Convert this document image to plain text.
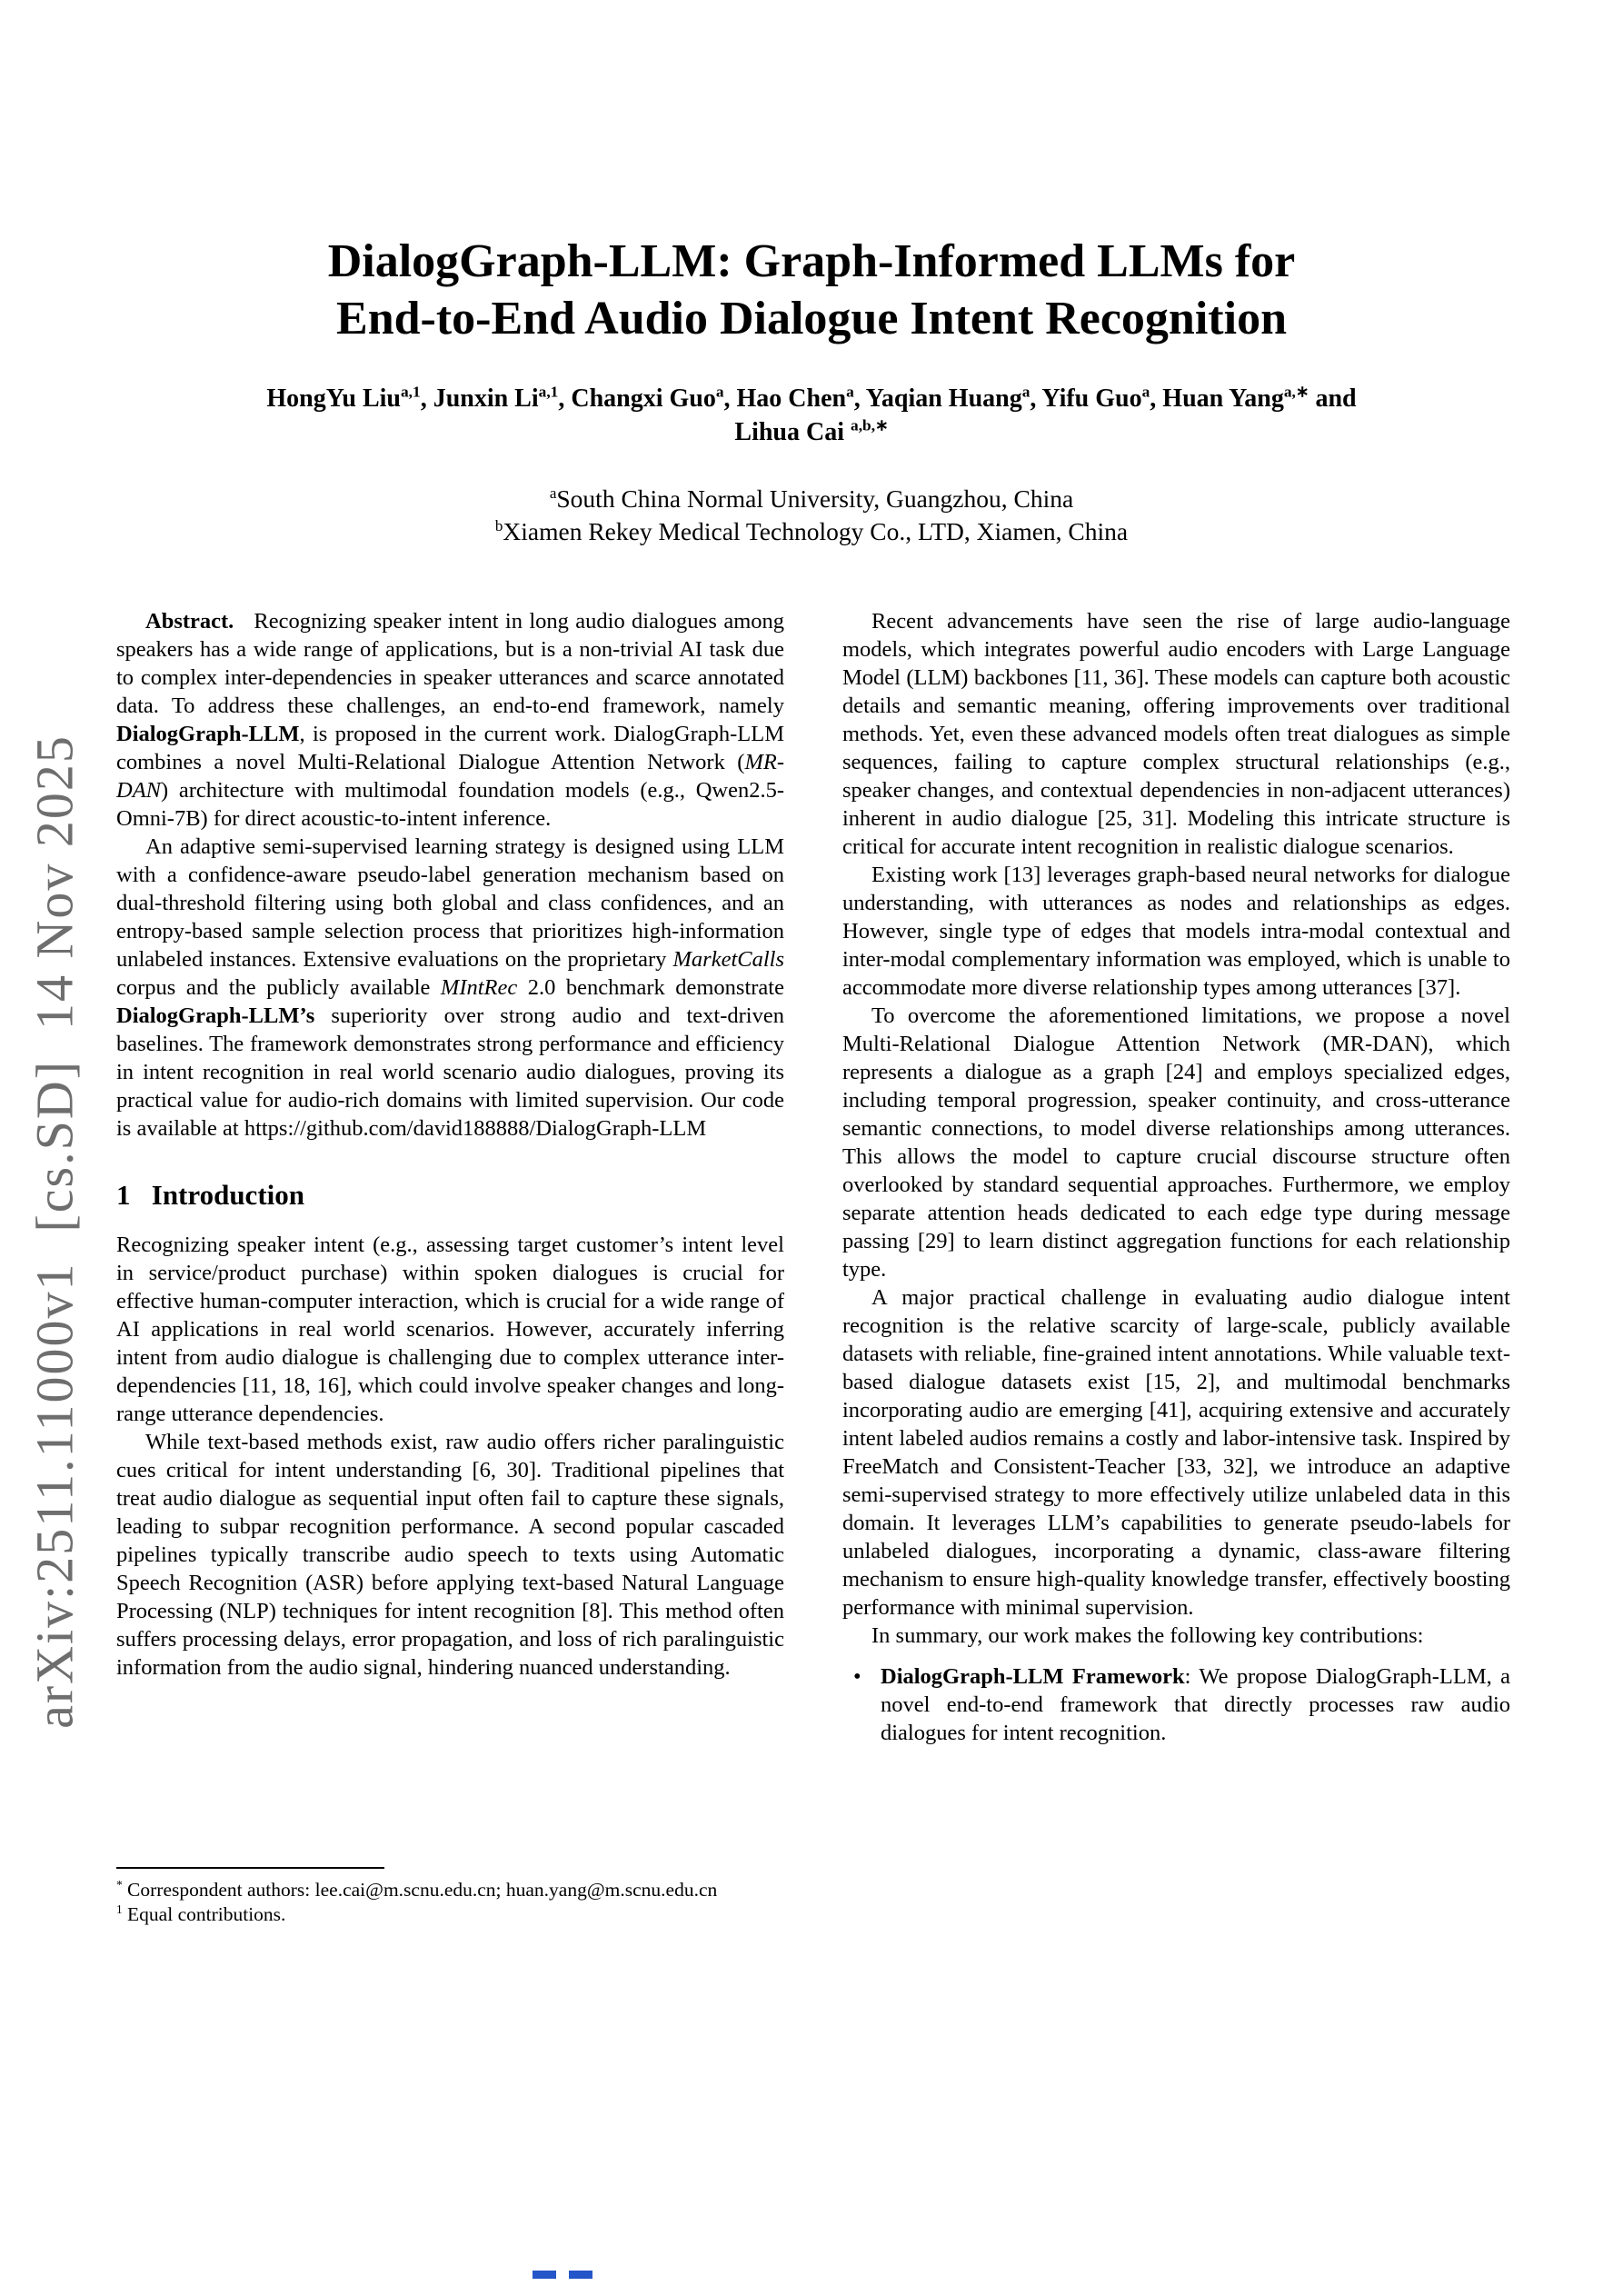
arXiv:2511.11000v1  [cs.SD]  14 Nov 2025
DialogGraph-LLM: Graph-Informed LLMs for
End-to-End Audio Dialogue Intent Recognition
HongYu Liu$^{a,1}$, Junxin Li$^{a,1}$, Changxi Guo$^a$, Hao Chen$^a$, Yaqian Huang$^a$, Yifu Guo$^a$, Huan Yang$^{a,∗}$ and
Lihua Cai $^{a,b,∗}$
$^a$South China Normal University, Guangzhou, China
$^b$Xiamen Rekey Medical Technology Co., LTD, Xiamen, China

Abstract.   Recognizing speaker intent in long audio dialogues among speakers has a wide range of applications, but is a non-trivial AI task due to complex inter-dependencies in speaker utterances and scarce annotated data. To address these challenges, an end-to-end framework, namely DialogGraph-LLM, is proposed in the current work. DialogGraph-LLM combines a novel Multi-Relational Dialogue Attention Network (MR-DAN) architecture with multimodal foundation models (e.g., Qwen2.5-Omni-7B) for direct acoustic-to-intent inference.

An adaptive semi-supervised learning strategy is designed using LLM with a confidence-aware pseudo-label generation mechanism based on dual-threshold filtering using both global and class confidences, and an entropy-based sample selection process that prioritizes high-information unlabeled instances. Extensive evaluations on the proprietary MarketCalls corpus and the publicly available MIntRec 2.0 benchmark demonstrate DialogGraph-LLM’s superiority over strong audio and text-driven baselines. The framework demonstrates strong performance and efficiency in intent recognition in real world scenario audio dialogues, proving its practical value for audio-rich domains with limited supervision. Our code is available at https://github.com/david188888/DialogGraph-LLM

1   Introduction

Recognizing speaker intent (e.g., assessing target customer’s intent level in service/product purchase) within spoken dialogues is crucial for effective human-computer interaction, which is crucial for a wide range of AI applications in real world scenarios. However, accurately inferring intent from audio dialogue is challenging due to complex utterance inter-dependencies [11, 18, 16], which could involve speaker changes and long-range utterance dependencies.

While text-based methods exist, raw audio offers richer paralinguistic cues critical for intent understanding [6, 30]. Traditional pipelines that treat audio dialogue as sequential input often fail to capture these signals, leading to subpar recognition performance. A second popular cascaded pipelines typically transcribe audio speech to texts using Automatic Speech Recognition (ASR) before applying text-based Natural Language Processing (NLP) techniques for intent recognition [8]. This method often suffers processing delays, error propagation, and loss of rich paralinguistic information from the audio signal, hindering nuanced understanding.

Recent advancements have seen the rise of large audio-language models, which integrates powerful audio encoders with Large Language Model (LLM) backbones [11, 36]. These models can capture both acoustic details and semantic meaning, offering improvements over traditional methods. Yet, even these advanced models often treat dialogues as simple sequences, failing to capture complex structural relationships (e.g., speaker changes, and contextual dependencies in non-adjacent utterances) inherent in audio dialogue [25, 31]. Modeling this intricate structure is critical for accurate intent recognition in realistic dialogue scenarios.

Existing work [13] leverages graph-based neural networks for dialogue understanding, with utterances as nodes and relationships as edges. However, single type of edges that models intra-modal contextual and inter-modal complementary information was employed, which is unable to accommodate more diverse relationship types among utterances [37].

To overcome the aforementioned limitations, we propose a novel Multi-Relational Dialogue Attention Network (MR-DAN), which represents a dialogue as a graph [24] and employs specialized edges, including temporal progression, speaker continuity, and cross-utterance semantic connections, to model diverse relationships among utterances. This allows the model to capture crucial discourse structure often overlooked by standard sequential approaches. Furthermore, we employ separate attention heads dedicated to each edge type during message passing [29] to learn distinct aggregation functions for each relationship type.

A major practical challenge in evaluating audio dialogue intent recognition is the relative scarcity of large-scale, publicly available datasets with reliable, fine-grained intent annotations. While valuable text-based dialogue datasets exist [15, 2], and multimodal benchmarks incorporating audio are emerging [41], acquiring extensive and accurately intent labeled audios remains a costly and labor-intensive task. Inspired by FreeMatch and Consistent-Teacher [33, 32], we introduce an adaptive semi-supervised strategy to more effectively utilize unlabeled data in this domain. It leverages LLM’s capabilities to generate pseudo-labels for unlabeled dialogues, incorporating a dynamic, class-aware filtering mechanism to ensure high-quality knowledge transfer, effectively boosting performance with minimal supervision.

In summary, our work makes the following key contributions:

• DialogGraph-LLM Framework: We propose DialogGraph-LLM, a novel end-to-end framework that directly processes raw audio dialogues for intent recognition.
* Correspondent authors: lee.cai@m.scnu.edu.cn; huan.yang@m.scnu.edu.cn
$^1$ Equal contributions.
